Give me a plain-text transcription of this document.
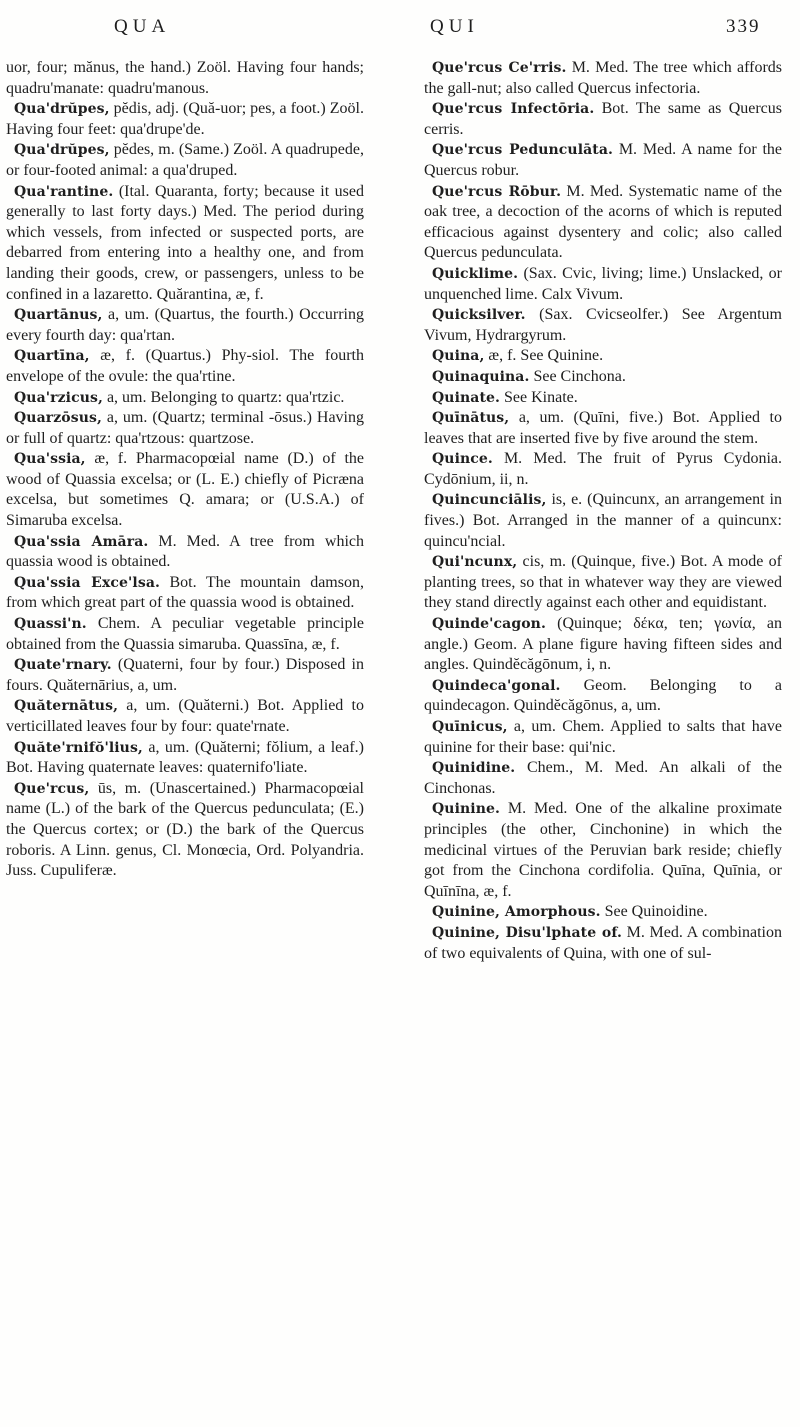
QUA	QUI	339

uor, four; mănus, the hand.) Zoöl. Having four hands; quadru'manate: quadru'manous.

Qua'drŭpes, pĕdis, adj. (Quă-uor; pes, a foot.) Zoöl. Having four feet: qua'drupe'de.

Qua'drŭpes, pĕdes, m. (Same.) Zoöl. A quadrupede, or four-footed animal: a qua'druped.

Qua'rantine. (Ital. Quaranta, forty; because it used generally to last forty days.) Med. The period during which vessels, from infected or suspected ports, are debarred from entering into a healthy one, and from landing their goods, crew, or passengers, unless to be confined in a lazaretto. Quărantina, æ, f.

Quartānus, a, um. (Quartus, the fourth.) Occurring every fourth day: qua'rtan.

Quartīna, æ, f. (Quartus.) Phy-siol. The fourth envelope of the ovule: the qua'rtine.

Qua'rzicus, a, um. Belonging to quartz: qua'rtzic.

Quarzōsus, a, um. (Quartz; terminal -ōsus.) Having or full of quartz: qua'rtzous: quartzose.

Qua'ssia, æ, f. Pharmacopœial name (D.) of the wood of Quassia excelsa; or (L. E.) chiefly of Picræna excelsa, but sometimes Q. amara; or (U.S.A.) of Simaruba excelsa.

Qua'ssia Amāra. M. Med. A tree from which quassia wood is obtained.

Qua'ssia Exce'lsa. Bot. The mountain damson, from which great part of the quassia wood is obtained.

Quassi'n. Chem. A peculiar vegetable principle obtained from the Quassia simaruba. Quassīna, æ, f.

Quate'rnary. (Quaterni, four by four.) Disposed in fours. Quăternārius, a, um.

Quăternātus, a, um. (Quăterni.) Bot. Applied to verticillated leaves four by four: quate'rnate.

Quăte'rnifŏ'lius, a, um. (Quăterni; fŏlium, a leaf.) Bot. Having quaternate leaves: quaternifo'liate.

Que'rcus, ūs, m. (Unascertained.) Pharmacopœial name (L.) of the bark of the Quercus pedunculata; (E.) the Quercus cortex; or (D.) the bark of the Quercus roboris. A Linn. genus, Cl. Monœcia, Ord. Polyandria. Juss. Cupuliferæ.

Que'rcus Ce'rris. M. Med. The tree which affords the gall-nut; also called Quercus infectoria.

Que'rcus Infectōria. Bot. The same as Quercus cerris.

Que'rcus Pedunculāta. M. Med. A name for the Quercus robur.

Que'rcus Rōbur. M. Med. Systematic name of the oak tree, a decoction of the acorns of which is reputed efficacious against dysentery and colic; also called Quercus pedunculata.

Quicklime. (Sax. Cvic, living; lime.) Unslacked, or unquenched lime. Calx Vivum.

Quicksilver. (Sax. Cvicseolfer.) See Argentum Vivum, Hydrargyrum.

Quina, æ, f. See Quinine.

Quinaquina. See Cinchona.

Quinate. See Kinate.

Quīnātus, a, um. (Quīni, five.) Bot. Applied to leaves that are inserted five by five around the stem.

Quince. M. Med. The fruit of Pyrus Cydonia. Cydōnium, ii, n.

Quincunciālis, is, e. (Quincunx, an arrangement in fives.) Bot. Arranged in the manner of a quincunx: quincu'ncial.

Qui'ncunx, cis, m. (Quinque, five.) Bot. A mode of planting trees, so that in whatever way they are viewed they stand directly against each other and equidistant.

Quinde'cagon. (Quinque; δέκα, ten; γωνία, an angle.) Geom. A plane figure having fifteen sides and angles. Quindĕcăgōnum, i, n.

Quindeca'gonal. Geom. Belonging to a quindecagon. Quindĕcăgōnus, a, um.

Quīnicus, a, um. Chem. Applied to salts that have quinine for their base: qui'nic.

Quinidine. Chem., M. Med. An alkali of the Cinchonas.

Quinine. M. Med. One of the alkaline proximate principles (the other, Cinchonine) in which the medicinal virtues of the Peruvian bark reside; chiefly got from the Cinchona cordifolia. Quīna, Quīnia, or Quīnīna, æ, f.

Quinine, Amorphous. See Quinoidine.

Quinine, Disu'lphate of. M. Med. A combination of two equivalents of Quina, with one of sul-
